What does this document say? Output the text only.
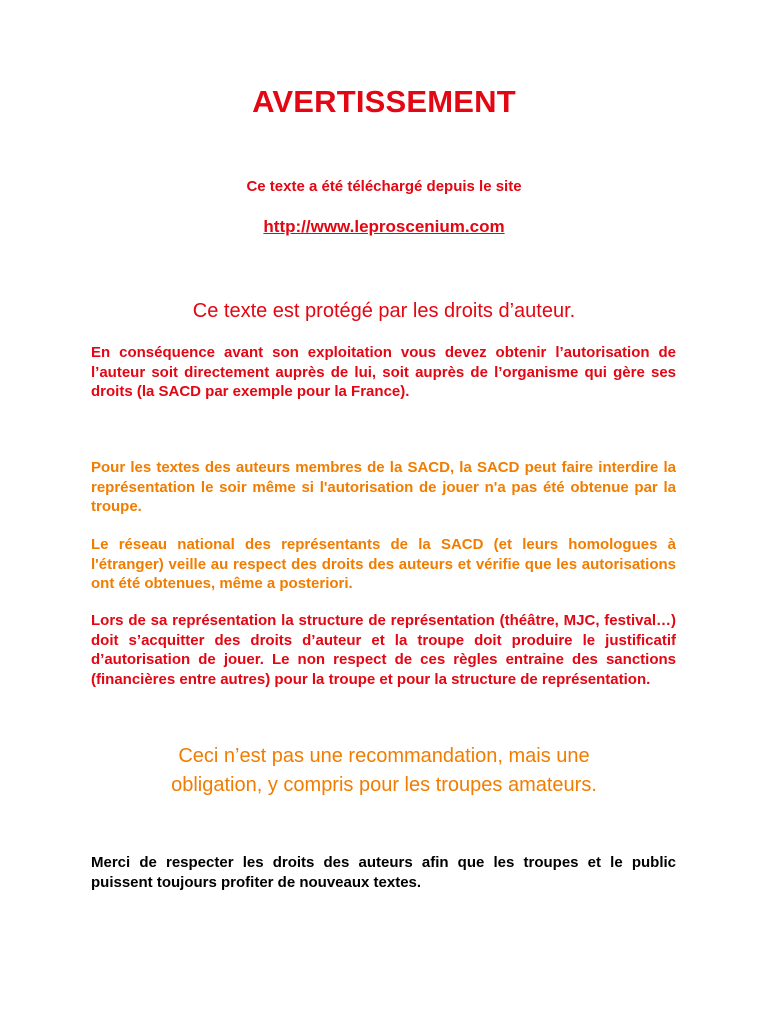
AVERTISSEMENT
Ce texte a été téléchargé depuis le site
http://www.leproscenium.com
Ce texte est protégé par les droits d’auteur.
En conséquence avant son exploitation vous devez obtenir l’autorisation de l’auteur soit directement auprès de lui, soit auprès de l’organisme qui gère ses droits (la SACD par exemple pour la France).
Pour les textes des auteurs membres de la SACD, la SACD peut faire interdire la représentation le soir même si l'autorisation de jouer n'a pas été obtenue par la troupe.
Le réseau national des représentants de la SACD (et leurs homologues à l'étranger) veille au respect des droits des auteurs et vérifie que les autorisations ont été obtenues, même a posteriori.
Lors de sa représentation la structure de représentation (théâtre, MJC, festival…) doit s’acquitter des droits d’auteur et la troupe doit produire le justificatif d’autorisation de jouer. Le non respect de ces règles entraine des sanctions (financières entre autres) pour la troupe et pour la structure de représentation.
Ceci n’est pas une recommandation, mais une
obligation, y compris pour les troupes amateurs.
Merci de respecter les droits des auteurs afin que les troupes et le public puissent toujours profiter de nouveaux textes.
